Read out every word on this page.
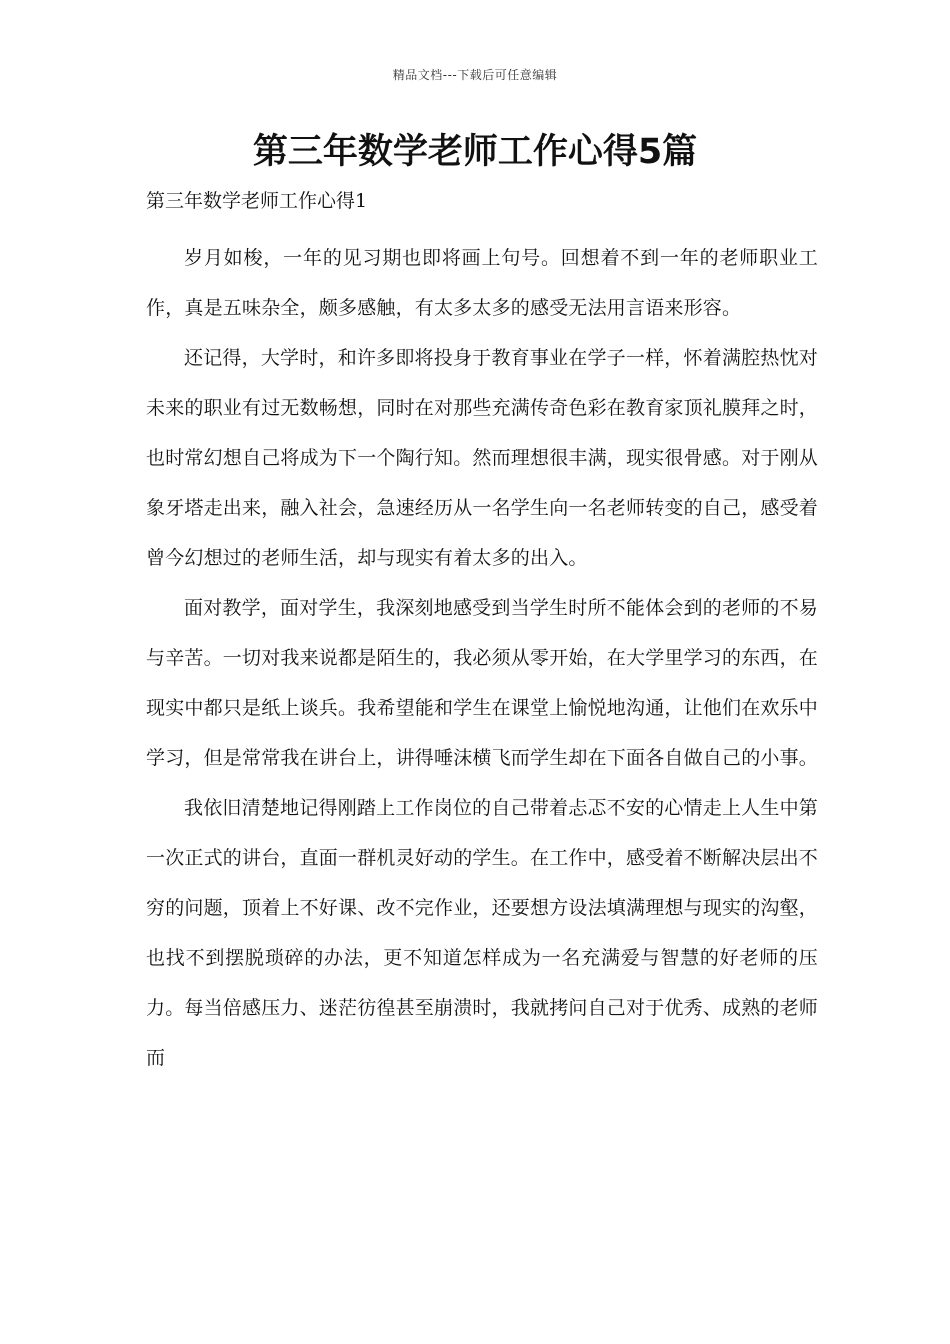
精品文档---下载后可任意编辑
第三年数学老师工作心得5篇
第三年数学老师工作心得1

岁月如梭，一年的见习期也即将画上句号。回想着不到一年的老师职业工作，真是五味杂全，颇多感触，有太多太多的感受无法用言语来形容。

还记得，大学时，和许多即将投身于教育事业在学子一样，怀着满腔热忱对未来的职业有过无数畅想，同时在对那些充满传奇色彩在教育家顶礼膜拜之时，也时常幻想自己将成为下一个陶行知。然而理想很丰满，现实很骨感。对于刚从象牙塔走出来，融入社会，急速经历从一名学生向一名老师转变的自己，感受着曾今幻想过的老师生活，却与现实有着太多的出入。

面对教学，面对学生，我深刻地感受到当学生时所不能体会到的老师的不易与辛苦。一切对我来说都是陌生的，我必须从零开始，在大学里学习的东西，在现实中都只是纸上谈兵。我希望能和学生在课堂上愉悦地沟通，让他们在欢乐中学习，但是常常我在讲台上，讲得唾沫横飞而学生却在下面各自做自己的小事。

我依旧清楚地记得刚踏上工作岗位的自己带着忐忑不安的心情走上人生中第一次正式的讲台，直面一群机灵好动的学生。在工作中，感受着不断解决层出不穷的问题，顶着上不好课、改不完作业，还要想方设法填满理想与现实的沟壑，也找不到摆脱琐碎的办法，更不知道怎样成为一名充满爱与智慧的好老师的压力。每当倍感压力、迷茫彷徨甚至崩溃时，我就拷问自己对于优秀、成熟的老师而
